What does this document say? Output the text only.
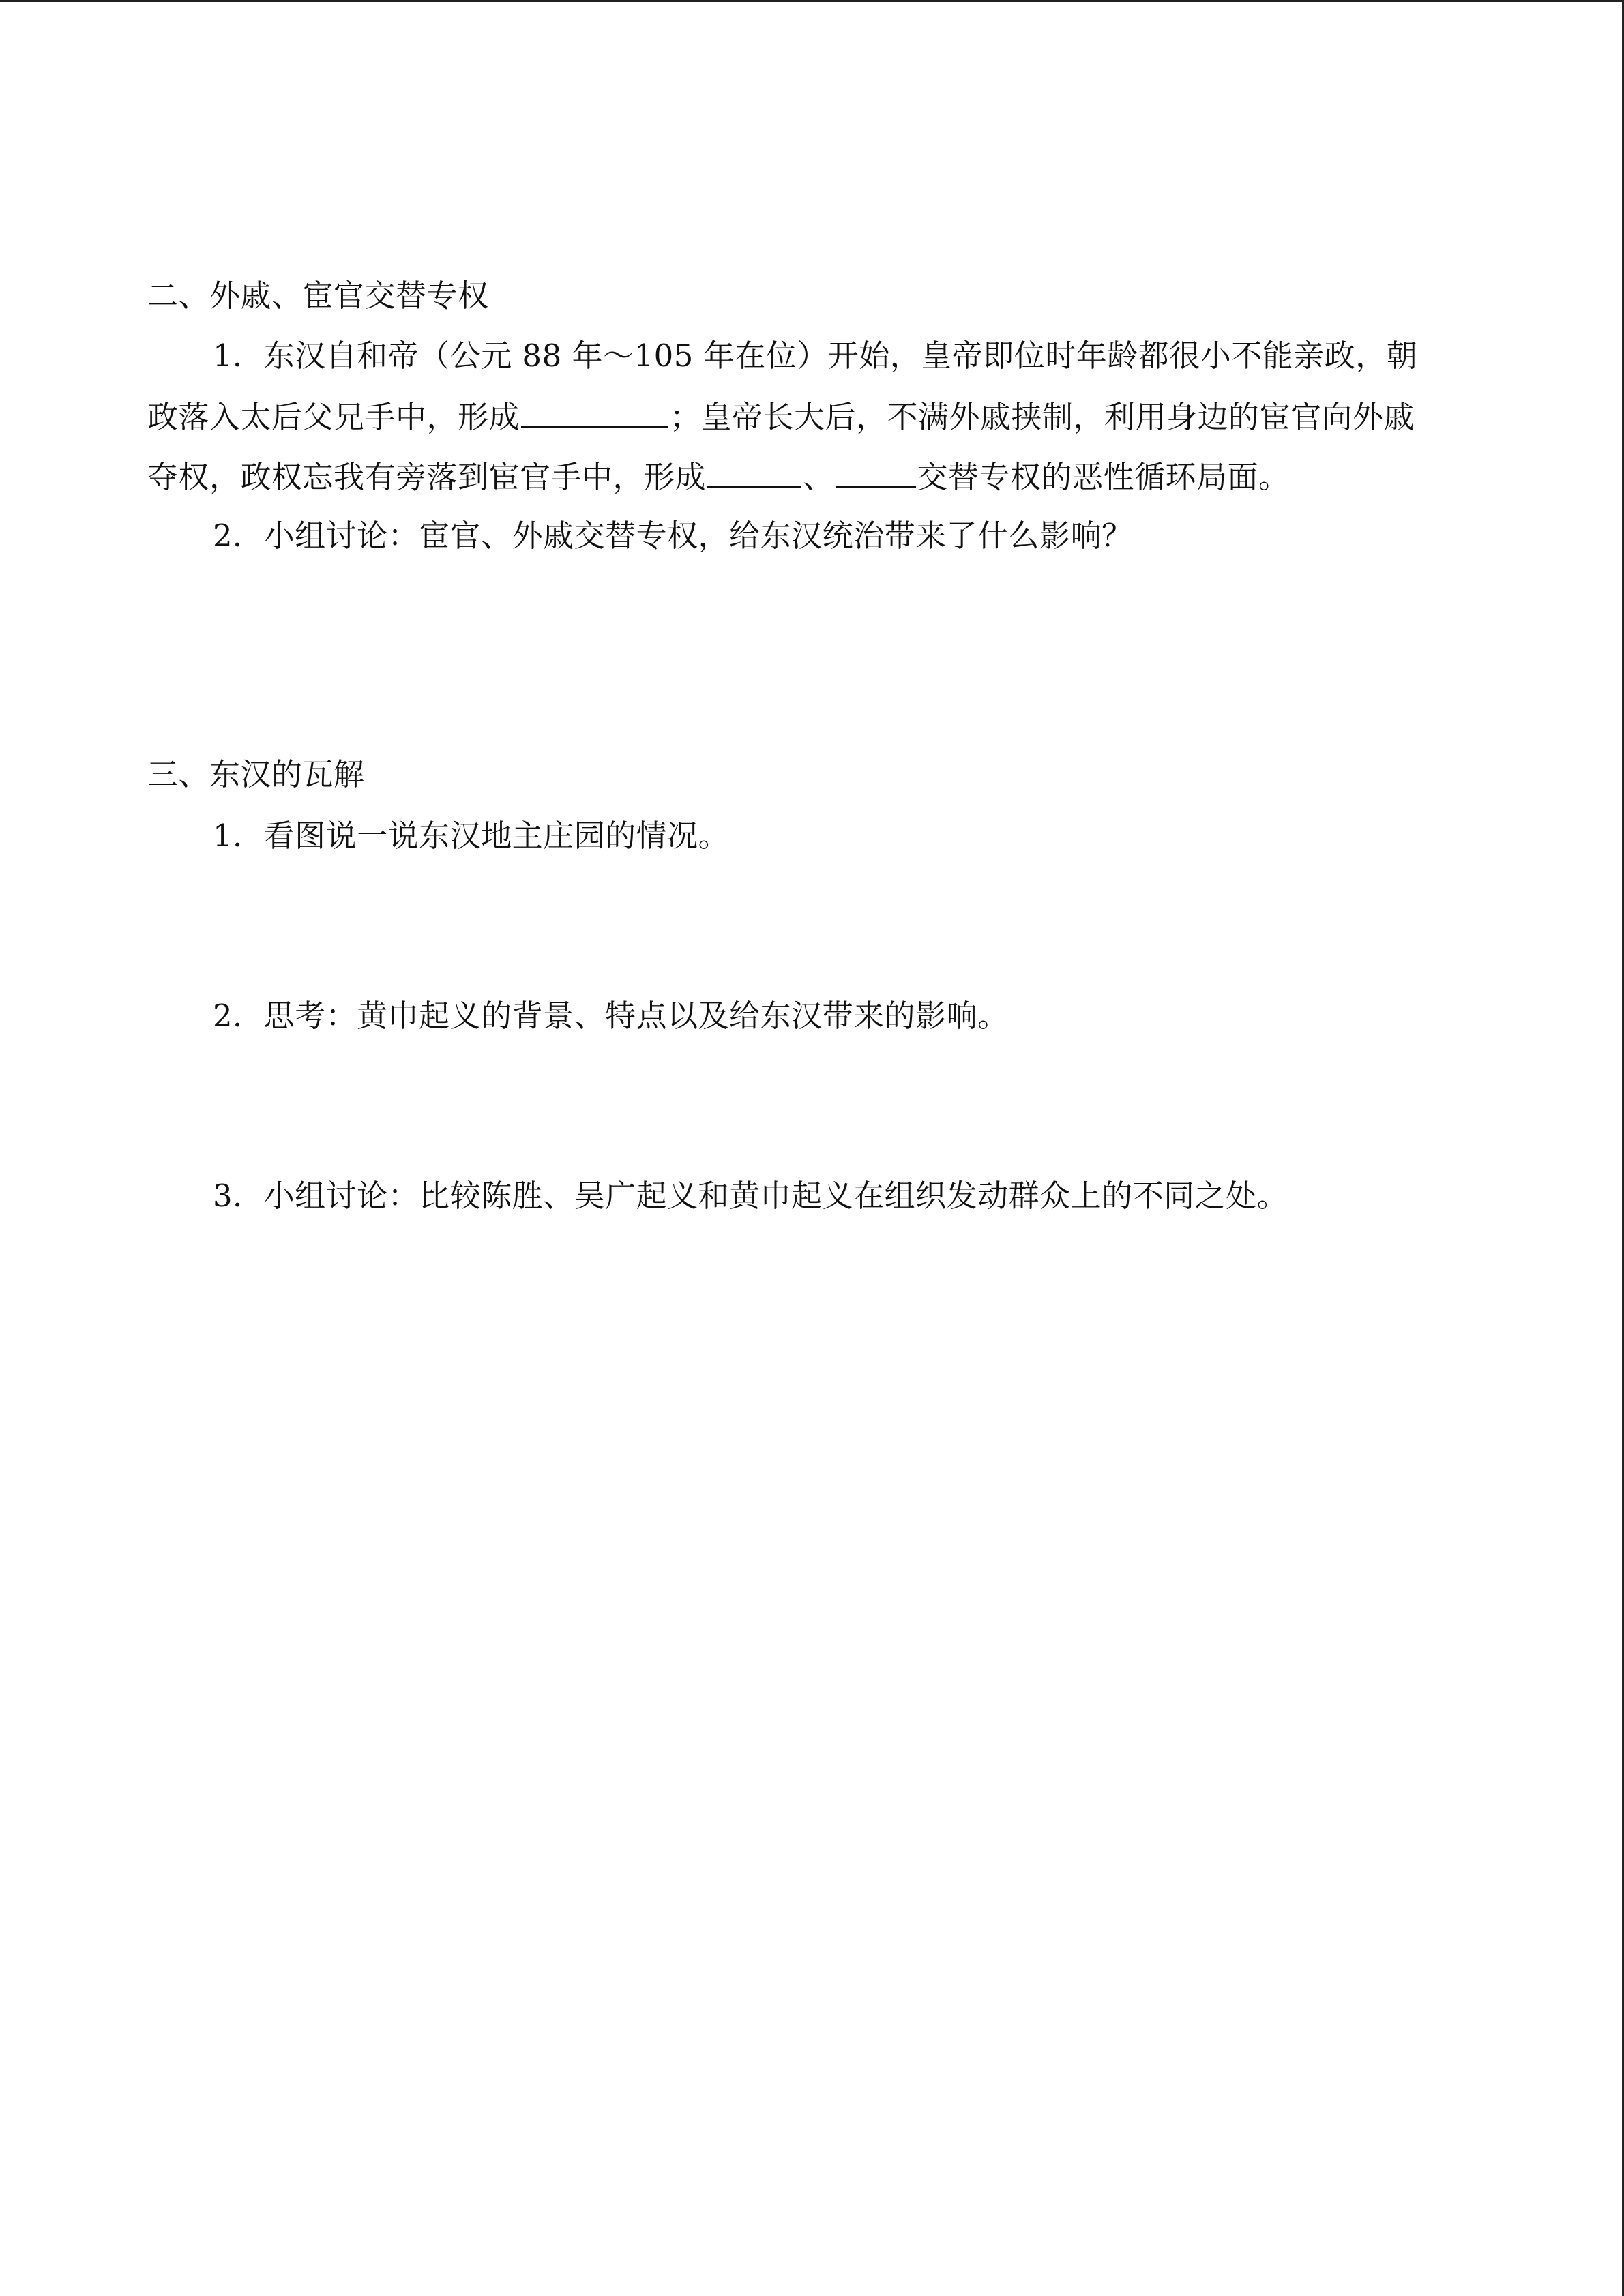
二、外戚、宦官交替专权
1．东汉自和帝（公元 88 年～105 年在位）开始，皇帝即位时年龄都很小不能亲政，朝
政落入太后父兄手中，形成	；皇帝长大后，不满外戚挟制，利用身边的宦官向外戚
夺权，政权忘我有旁落到宦官手中，形成	、	交替专权的恶性循环局面。
2．小组讨论：宦官、外戚交替专权，给东汉统治带来了什么影响？
三、东汉的瓦解
1．看图说一说东汉地主庄园的情况。
2．思考：黄巾起义的背景、特点以及给东汉带来的影响。
3．小组讨论：比较陈胜、吴广起义和黄巾起义在组织发动群众上的不同之处。
